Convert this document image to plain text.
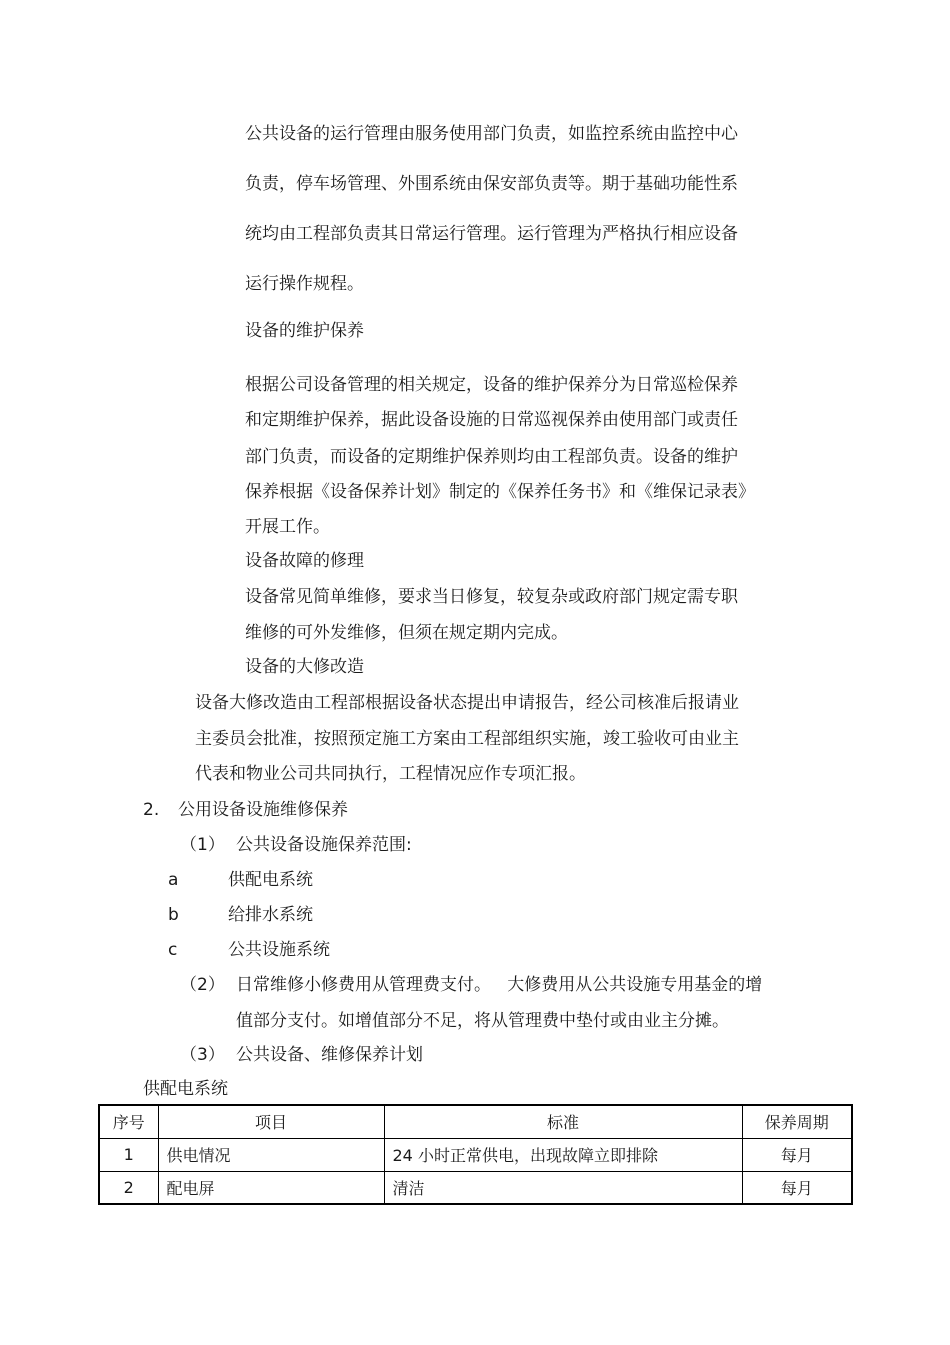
公共设备的运行管理由服务使用部门负责，如监控系统由监控中心
负责，停车场管理、外围系统由保安部负责等。期于基础功能性系
统均由工程部负责其日常运行管理。运行管理为严格执行相应设备
运行操作规程。
设备的维护保养
根据公司设备管理的相关规定，设备的维护保养分为日常巡检保养
和定期维护保养，据此设备设施的日常巡视保养由使用部门或责任
部门负责，而设备的定期维护保养则均由工程部负责。设备的维护
保养根据《设备保养计划》制定的《保养任务书》和《维保记录表》
开展工作。
设备故障的修理
设备常见简单维修，要求当日修复，较复杂或政府部门规定需专职
维修的可外发维修，但须在规定期内完成。
设备的大修改造
设备大修改造由工程部根据设备状态提出申请报告，经公司核准后报请业
主委员会批准，按照预定施工方案由工程部组织实施，竣工验收可由业主
代表和物业公司共同执行，工程情况应作专项汇报。
2. 公用设备设施维修保养
（1） 公共设备设施保养范围:
a	供配电系统
b	给排水系统
c	公共设施系统
（2） 日常维修小修费用从管理费支付。   大修费用从公共设施专用基金的增
值部分支付。如增值部分不足，将从管理费中垫付或由业主分摊。
（3） 公共设备、维修保养计划
供配电系统
序号	项目	标准	保养周期
1	供电情况	24 小时正常供电，出现故障立即排除	每月
2	配电屏	清洁	每月
